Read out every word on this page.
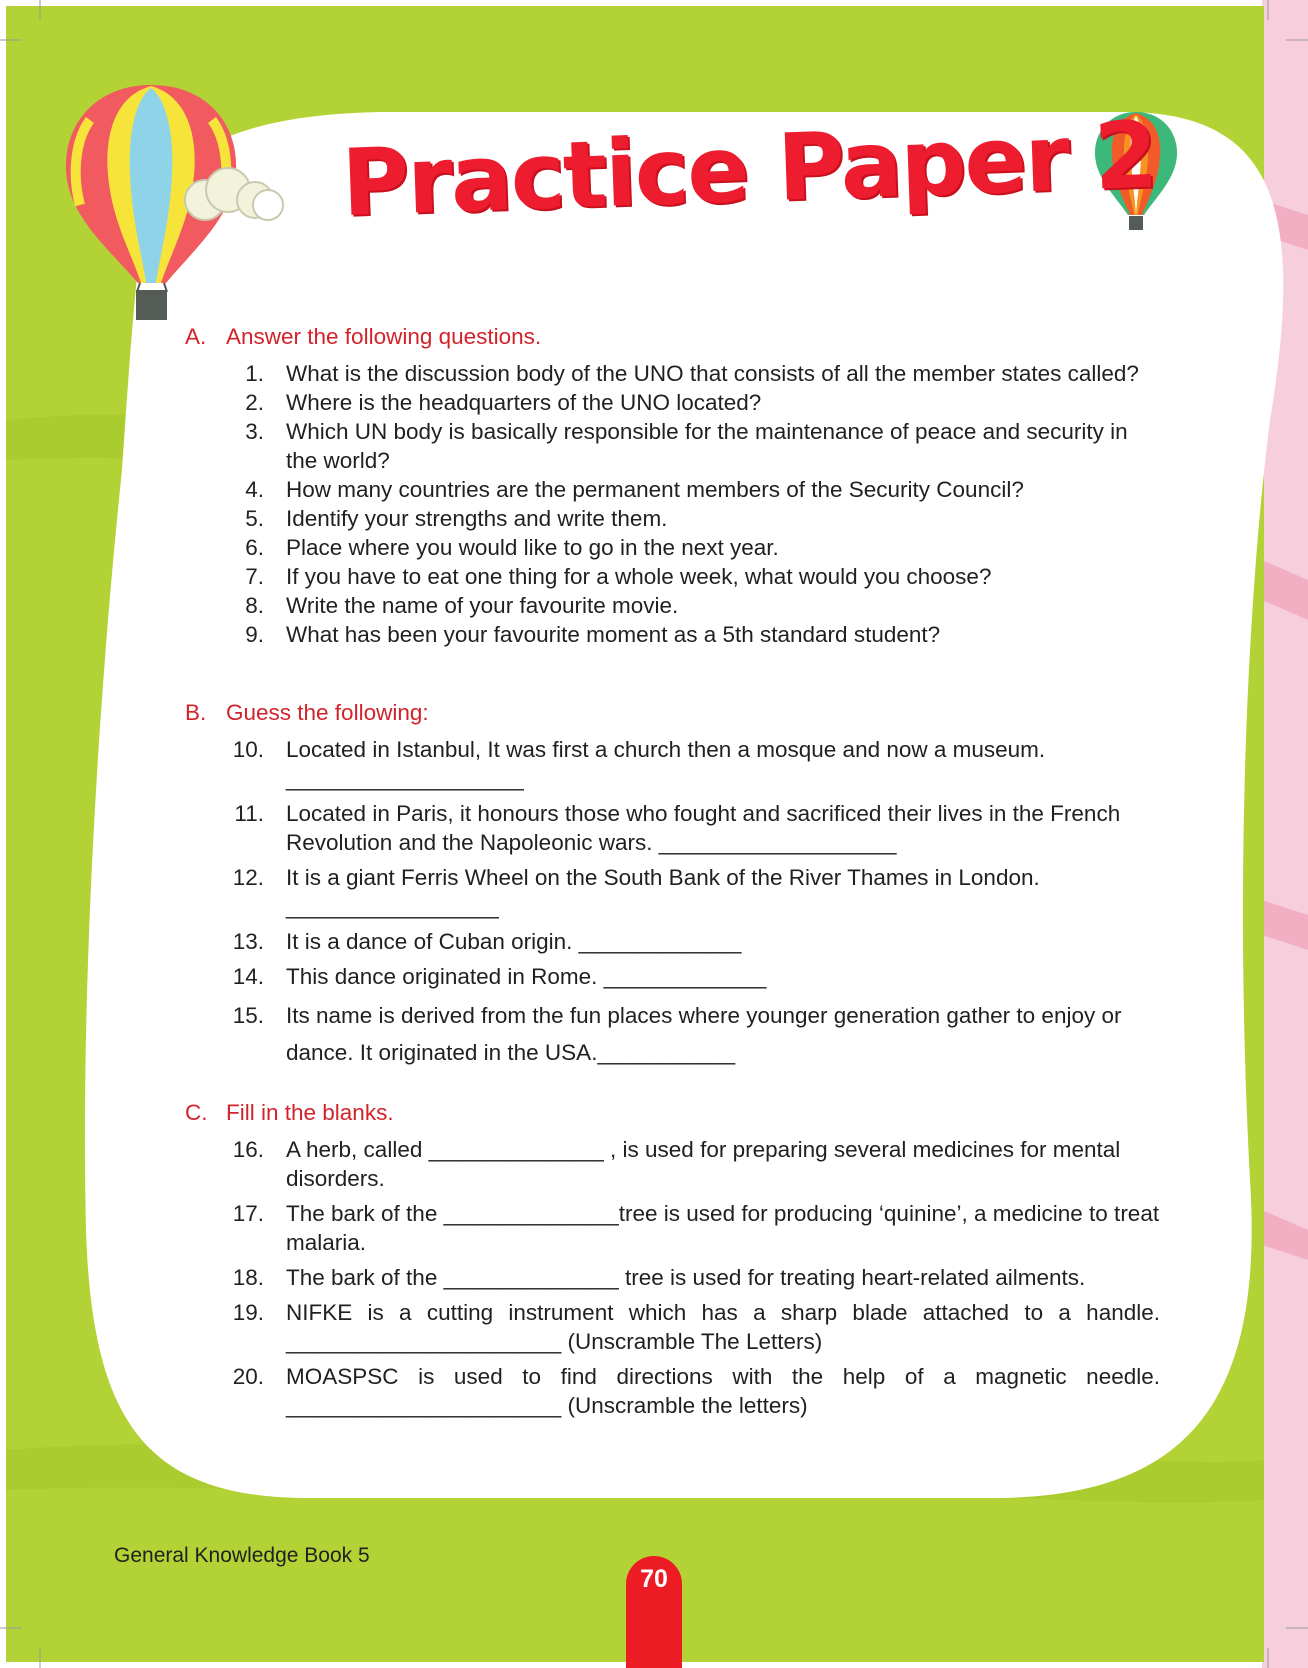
Practice Paper 2
A. Answer the following questions.
1. What is the discussion body of the UNO that consists of all the member states called?
2. Where is the headquarters of the UNO located?
3. Which UN body is basically responsible for the maintenance of peace and security in the world?
4. How many countries are the permanent members of the Security Council?
5. Identify your strengths and write them.
6. Place where you would like to go in the next year.
7. If you have to eat one thing for a whole week, what would you choose?
8. Write the name of your favourite movie.
9. What has been your favourite moment as a 5th standard student?
B. Guess the following:
10. Located in Istanbul, It was first a church then a mosque and now a museum. ___________________
11. Located in Paris, it honours those who fought and sacrificed their lives in the French Revolution and the Napoleonic wars. ___________________
12. It is a giant Ferris Wheel on the South Bank of the River Thames in London. _________________
13. It is a dance of Cuban origin. _____________
14. This dance originated in Rome. _____________
15. Its name is derived from the fun places where younger generation gather to enjoy or dance. It originated in the USA.___________
C. Fill in the blanks.
16. A herb, called ______________ , is used for preparing several medicines for mental disorders.
17. The bark of the ______________tree is used for producing ‘quinine’, a medicine to treat malaria.
18. The bark of the ______________ tree is used for treating heart-related ailments.
19. NIFKE is a cutting instrument which has a sharp blade attached to a handle. ______________________ (Unscramble The Letters)
20. MOASPSC is used to find directions with the help of a magnetic needle. ______________________ (Unscramble the letters)
General Knowledge Book 5
70
